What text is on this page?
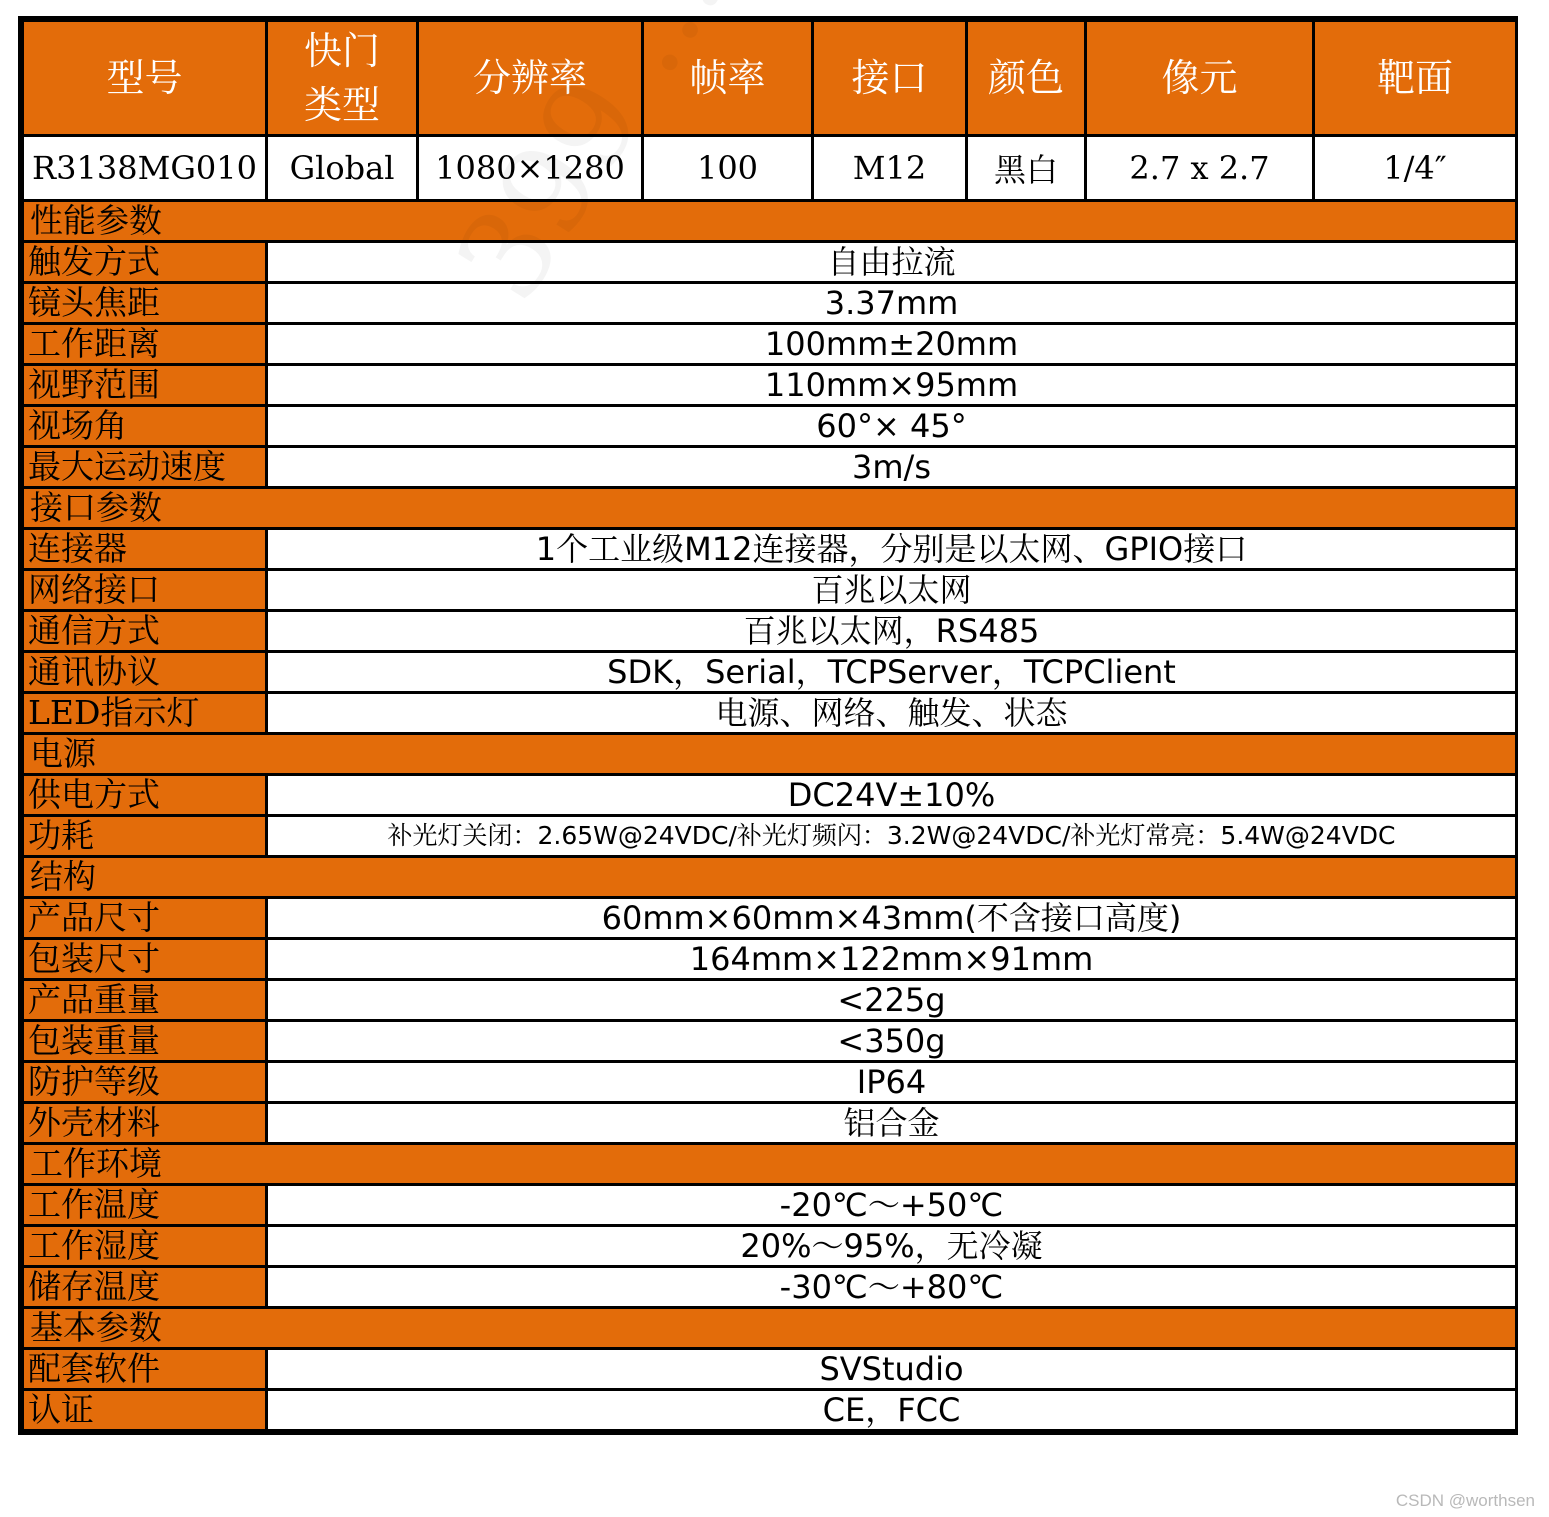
型号	快门类型	分辨率	帧率	接口	颜色	像元	靶面
R3138MG010	Global	1080×1280	100	M12	黑白	2.7 x 2.7	1/4″
性能参数							
触发方式	自由拉流						
镜头焦距	3.37mm						
工作距离	100mm±20mm						
视野范围	110mm×95mm						
视场角	60°× 45°						
最大运动速度	3m/s						
接口参数							
连接器	1个工业级M12连接器，分别是以太网、GPIO接口						
网络接口	百兆以太网						
通信方式	百兆以太网，RS485						
通讯协议	SDK，Serial，TCPServer，TCPClient						
LED指示灯	电源、网络、触发、状态						
电源							
供电方式	DC24V±10%						
功耗	补光灯关闭：2.65W@24VDC/补光灯频闪：3.2W@24VDC/补光灯常亮：5.4W@24VDC						
结构							
产品尺寸	60mm×60mm×43mm(不含接口高度)						
包装尺寸	164mm×122mm×91mm						
产品重量	<225g						
包装重量	<350g						
防护等级	IP64						
外壳材料	铝合金						
工作环境							
工作温度	-20℃～+50℃						
工作湿度	20%～95%，无冷凝						
储存温度	-30℃～+80℃						
基本参数							
配套软件	SVStudio						
认证	CE，FCC						
CSDN @worthsen
